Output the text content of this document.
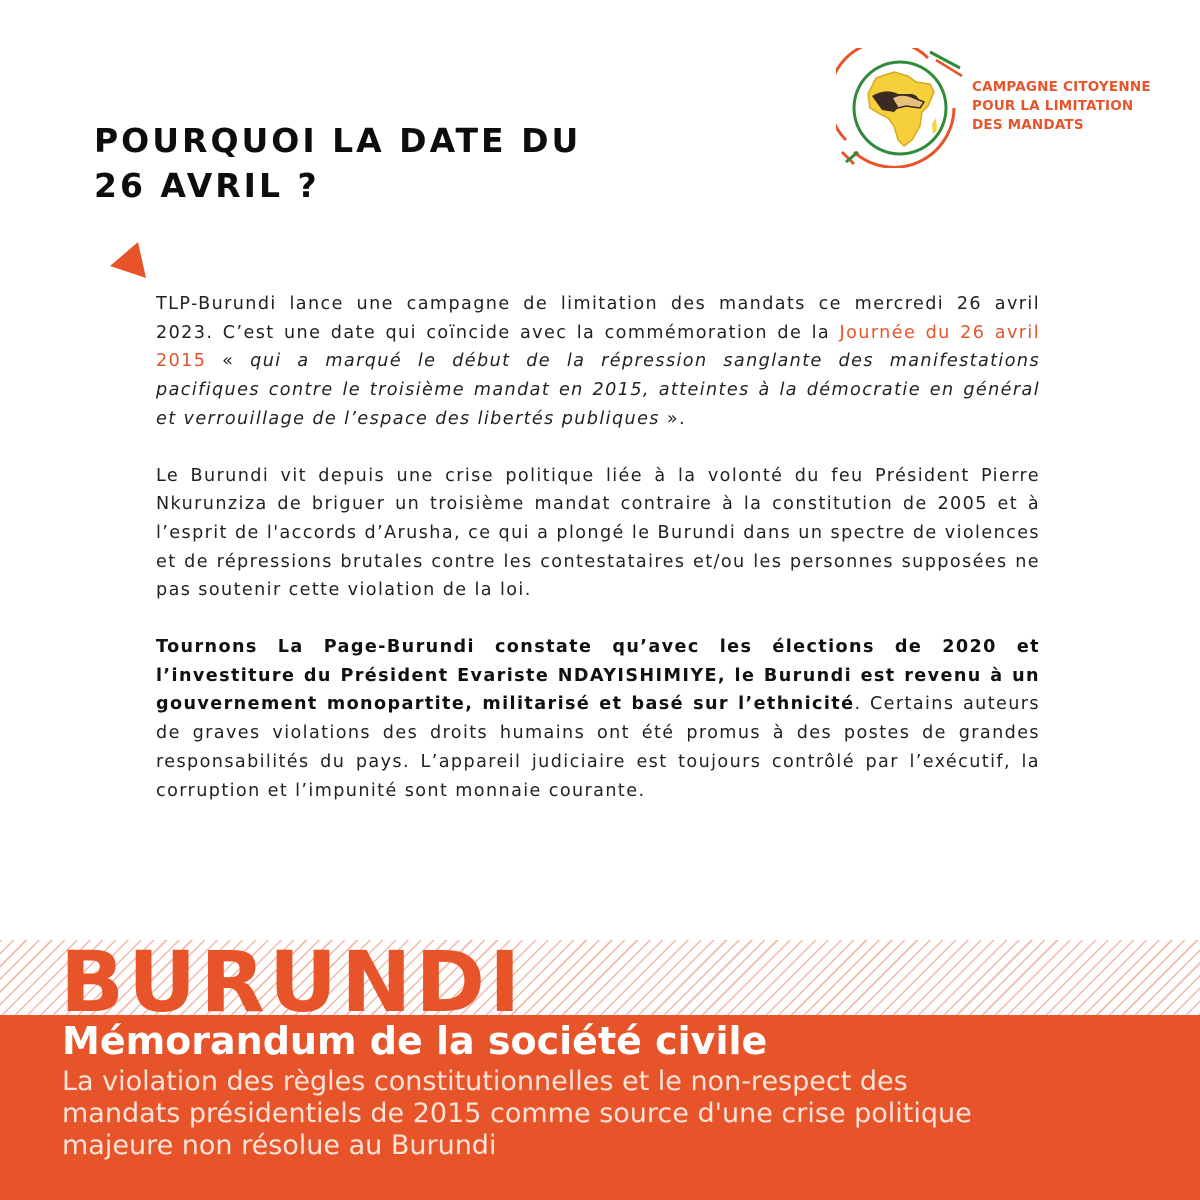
CAMPAGNE CITOYENNE
POUR LA LIMITATION
DES MANDATS
POURQUOI LA DATE DU
26 AVRIL ?

TLP-Burundi lance une campagne de limitation des mandats ce mercredi 26 avril 2023. C’est une date qui coïncide avec la commémoration de la Journée du 26 avril 2015 « qui a marqué le début de la répression sanglante des manifestations pacifiques contre le troisième mandat en 2015, atteintes à la démocratie en général et verrouillage de l’espace des libertés publiques ».

Le Burundi vit depuis une crise politique liée à la volonté du feu Président Pierre Nkurunziza de briguer un troisième mandat contraire à la constitution de 2005 et à l’esprit de l'accords d’Arusha, ce qui a plongé le Burundi dans un spectre de violences et de répressions brutales contre les contestataires et/ou les personnes supposées ne pas soutenir cette violation de la loi.

Tournons La Page-Burundi constate qu’avec les élections de 2020 et l’investiture du Président Evariste NDAYISHIMIYE, le Burundi est revenu à un gouvernement monopartite, militarisé et basé sur l’ethnicité. Certains auteurs de graves violations des droits humains ont été promus à des postes de grandes responsabilités du pays. L’appareil judiciaire est toujours contrôlé par l’exécutif, la corruption et l’impunité sont monnaie courante.

BURUNDI
Mémorandum de la société civile
La violation des règles constitutionnelles et le non-respect des
mandats présidentiels de 2015 comme source d'une crise politique
majeure non résolue au Burundi
